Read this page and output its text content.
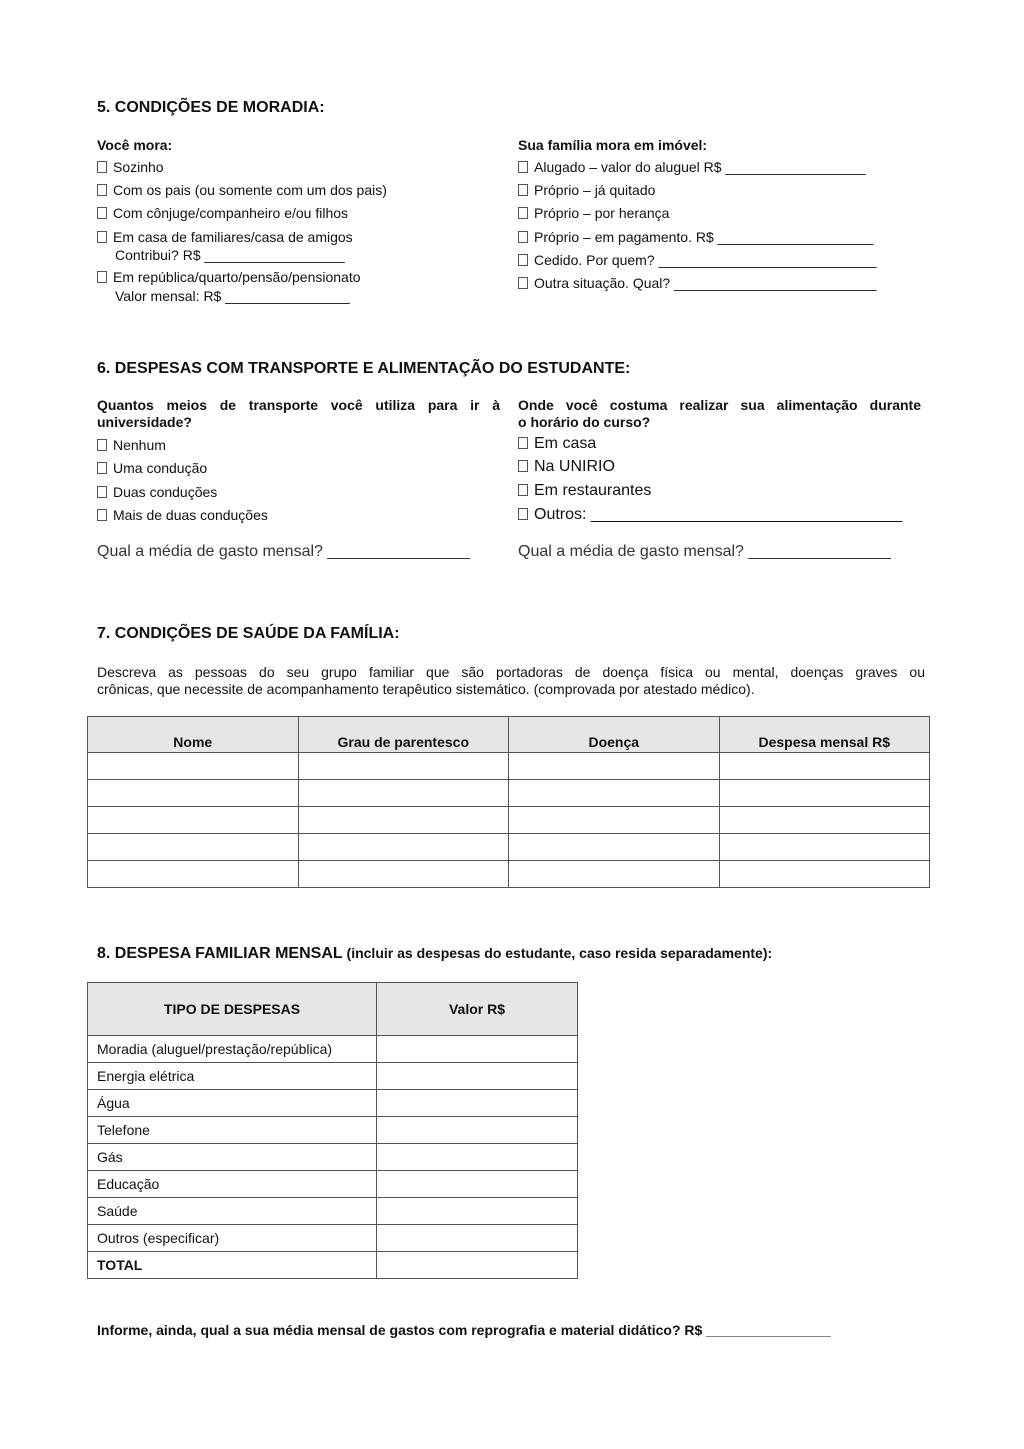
5. CONDIÇÕES DE MORADIA:
Você mora:
Sozinho
Com os pais (ou somente com um dos pais)
Com cônjuge/companheiro e/ou filhos
Em casa de familiares/casa de amigos
Contribui? R$ __________________
Em república/quarto/pensão/pensionato
Valor mensal: R$ ________________
Sua família mora em imóvel:
Alugado – valor do aluguel R$ __________________
Próprio – já quitado
Próprio – por herança
Próprio – em pagamento. R$ ____________________
Cedido. Por quem? ____________________________
Outra situação. Qual? __________________________
6. DESPESAS COM TRANSPORTE E ALIMENTAÇÃO DO ESTUDANTE:
Quantos meios de transporte você utiliza para ir à
universidade?
Nenhum
Uma condução
Duas conduções
Mais de duas conduções
Onde você costuma realizar sua alimentação durante
o horário do curso?
Em casa
Na UNIRIO
Em restaurantes
Outros: ___________________________________
Qual a média de gasto mensal? ________________	Qual a média de gasto mensal? ________________
7. CONDIÇÕES DE SAÚDE DA FAMÍLIA:
Descreva as pessoas do seu grupo familiar que são portadoras de doença física ou mental, doenças graves ou
crônicas, que necessite de acompanhamento terapêutico sistemático. (comprovada por atestado médico).
Nome	Grau de parentesco	Doença	Despesa mensal R$

8. DESPESA FAMILIAR MENSAL (incluir as despesas do estudante, caso resida separadamente):
TIPO DE DESPESAS	Valor R$
Moradia (aluguel/prestação/república)	
Energia elétrica	
Água	
Telefone	
Gás	
Educação	
Saúde	
Outros (especificar)	
TOTAL	
Informe, ainda, qual a sua média mensal de gastos com reprografia e material didático? R$ ________________
